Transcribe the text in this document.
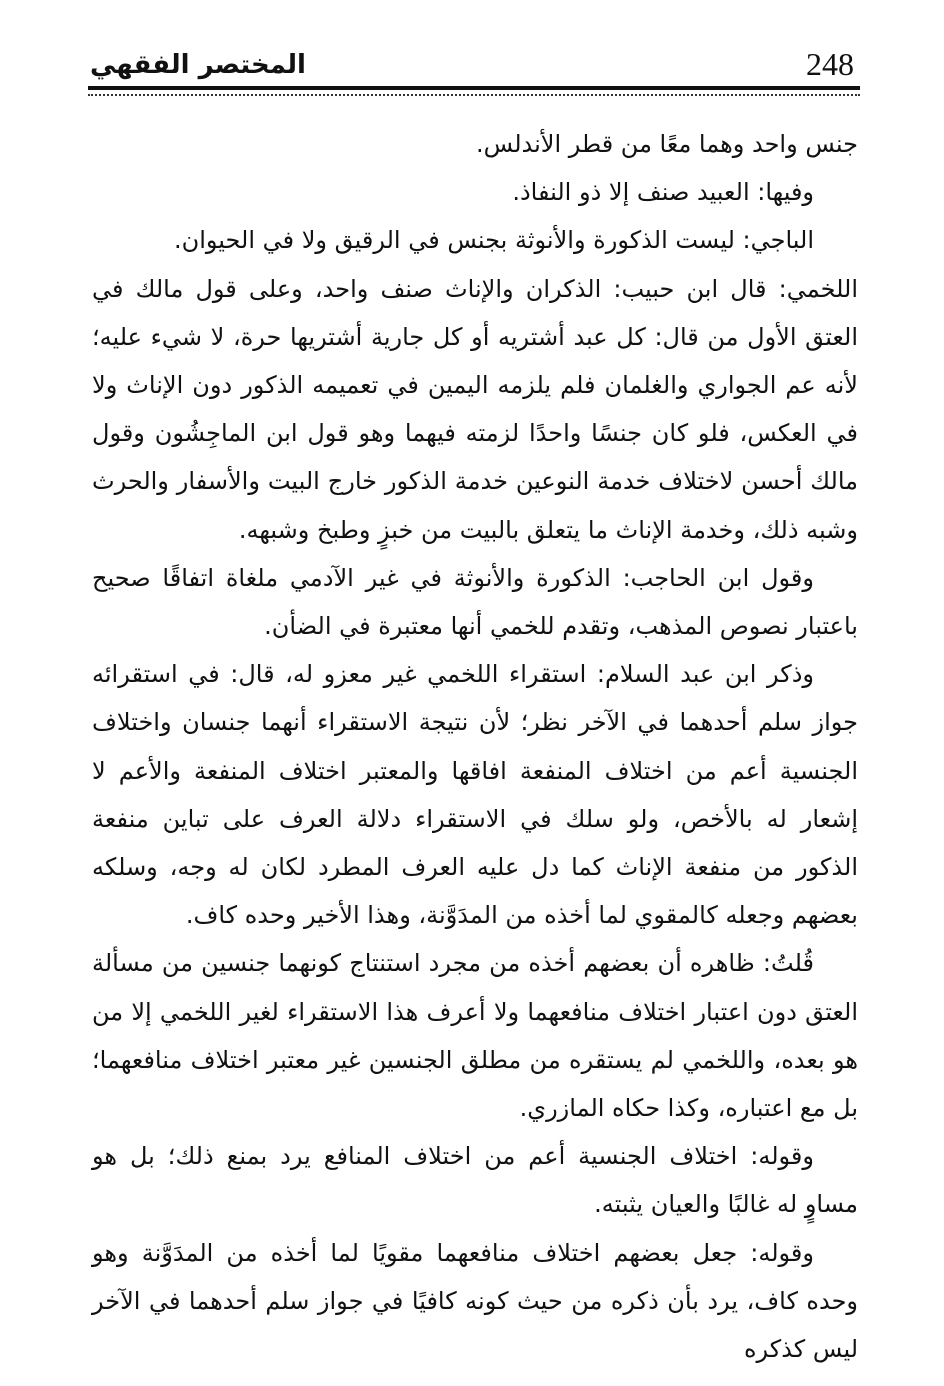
248
المختصر الفقهي

جنس واحد وهما معًا من قطر الأندلس.

وفيها: العبيد صنف إلا ذو النفاذ.

الباجي: ليست الذكورة والأنوثة بجنس في الرقيق ولا في الحيوان.

اللخمي: قال ابن حبيب: الذكران والإناث صنف واحد، وعلى قول مالك في العتق الأول من قال: كل عبد أشتريه أو كل جارية أشتريها حرة، لا شيء عليه؛ لأنه عم الجواري والغلمان فلم يلزمه اليمين في تعميمه الذكور دون الإناث ولا في العكس، فلو كان جنسًا واحدًا لزمته فيهما وهو قول ابن الماجِشُون وقول مالك أحسن لاختلاف خدمة النوعين خدمة الذكور خارج البيت والأسفار والحرث وشبه ذلك، وخدمة الإناث ما يتعلق بالبيت من خبزٍ وطبخ وشبهه.

وقول ابن الحاجب: الذكورة والأنوثة في غير الآدمي ملغاة اتفاقًا صحيح باعتبار نصوص المذهب، وتقدم للخمي أنها معتبرة في الضأن.

وذكر ابن عبد السلام: استقراء اللخمي غير معزو له، قال: في استقرائه جواز سلم أحدهما في الآخر نظر؛ لأن نتيجة الاستقراء أنهما جنسان واختلاف الجنسية أعم من اختلاف المنفعة افاقها والمعتبر اختلاف المنفعة والأعم لا إشعار له بالأخص، ولو سلك في الاستقراء دلالة العرف على تباين منفعة الذكور من منفعة الإناث كما دل عليه العرف المطرد لكان له وجه، وسلكه بعضهم وجعله كالمقوي لما أخذه من المدَوَّنة، وهذا الأخير وحده كاف.

قُلتُ: ظاهره أن بعضهم أخذه من مجرد استنتاج كونهما جنسين من مسألة العتق دون اعتبار اختلاف منافعهما ولا أعرف هذا الاستقراء لغير اللخمي إلا من هو بعده، واللخمي لم يستقره من مطلق الجنسين غير معتبر اختلاف منافعهما؛ بل مع اعتباره، وكذا حكاه المازري.

وقوله: اختلاف الجنسية أعم من اختلاف المنافع يرد بمنع ذلك؛ بل هو مساوٍ له غالبًا والعيان يثبته.

وقوله: جعل بعضهم اختلاف منافعهما مقويًا لما أخذه من المدَوَّنة وهو وحده كاف، يرد بأن ذكره من حيث كونه كافيًا في جواز سلم أحدهما في الآخر ليس كذكره
